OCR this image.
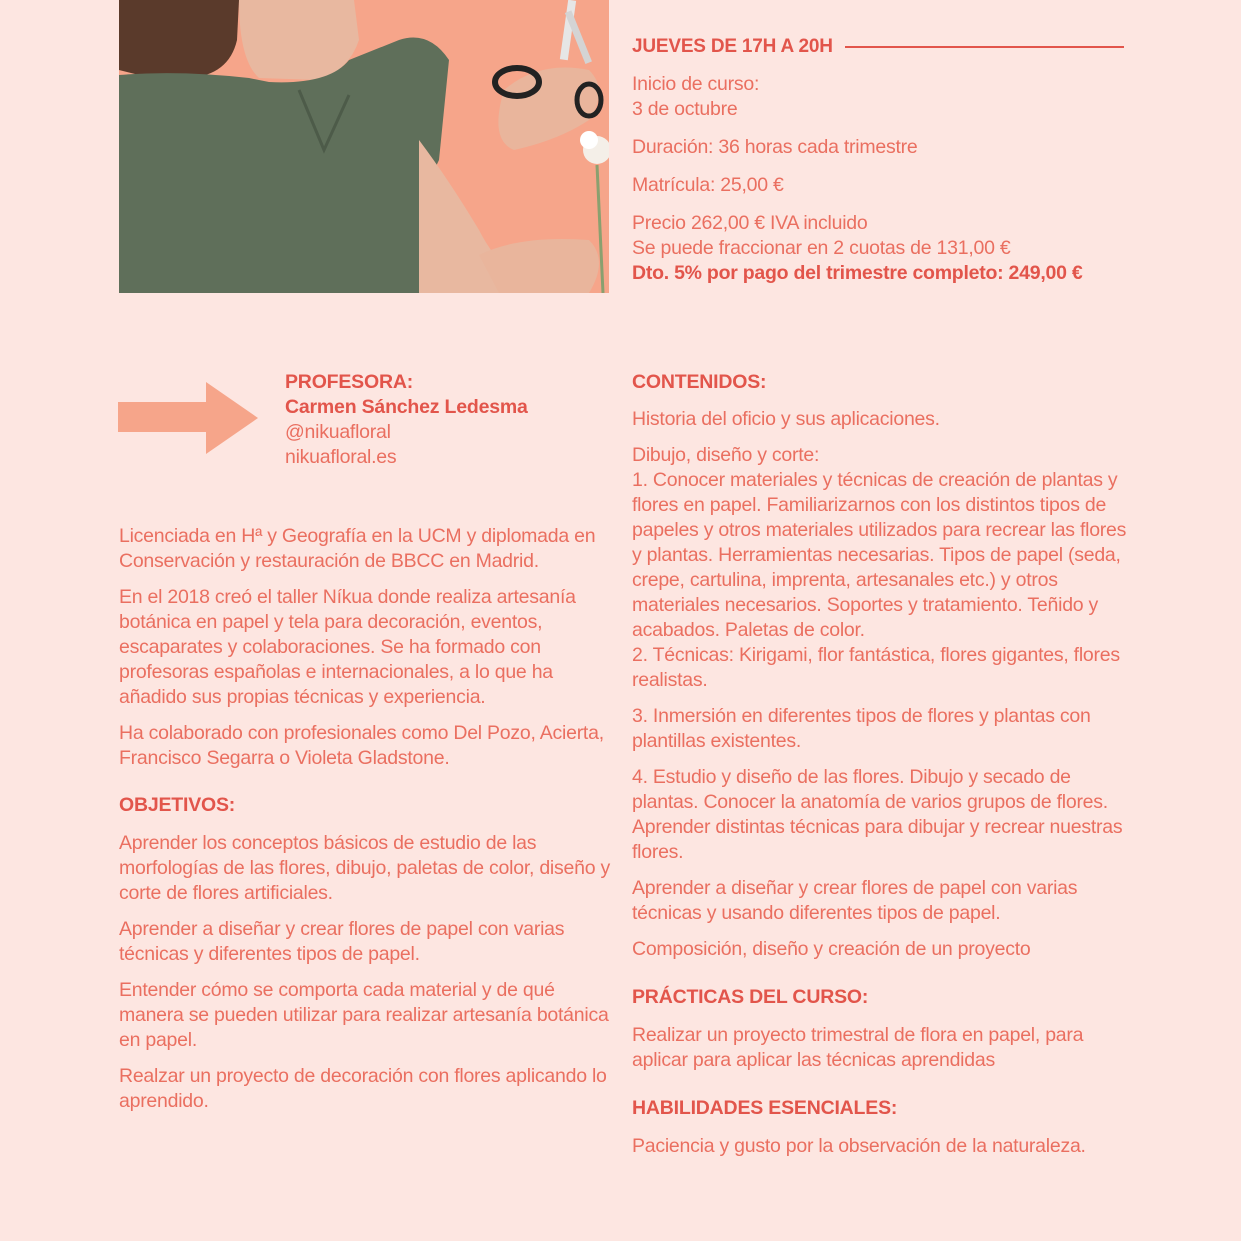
JUEVES DE 17H A 20H

Inicio de curso:

3 de octubre

Duración: 36 horas cada trimestre

Matrícula: 25,00 €

Precio 262,00 € IVA incluido

Se puede fraccionar en 2 cuotas de 131,00 €

Dto. 5% por pago del trimestre completo: 249,00 €

PROFESORA:

Carmen Sánchez Ledesma

@nikuafloral

nikuafloral.es

Licenciada en Hª y Geografía en la UCM y diplomada en Conservación y restauración de BBCC en Madrid.

En el 2018 creó el taller Níkua donde realiza artesanía botánica en papel y tela para decoración, eventos, escaparates y colaboraciones. Se ha formado con profesoras españolas e internacionales, a lo que ha añadido sus propias técnicas y experiencia.

Ha colaborado con profesionales como Del Pozo, Acierta, Francisco Segarra o Violeta Gladstone.

OBJETIVOS:

Aprender los conceptos básicos de estudio de las morfologías de las flores, dibujo, paletas de color, diseño y corte de flores artificiales.

Aprender a diseñar y crear flores de papel con varias técnicas y diferentes tipos de papel.

Entender cómo se comporta cada material y de qué manera se pueden utilizar para realizar artesanía botánica en papel.

Realzar un proyecto de decoración con flores aplicando lo aprendido.

CONTENIDOS:

Historia del oficio y sus aplicaciones.

Dibujo, diseño y corte:
1. Conocer materiales y técnicas de creación de plantas y flores en papel. Familiarizarnos con los distintos tipos de papeles y otros materiales utilizados para recrear las flores y plantas. Herramientas necesarias. Tipos de papel (seda, crepe, cartulina, imprenta, artesanales etc.) y otros materiales necesarios. Soportes y tratamiento. Teñido y acabados. Paletas de color.
2. Técnicas: Kirigami, flor fantástica, flores gigantes, flores realistas.

3. Inmersión en diferentes tipos de flores y plantas con plantillas existentes.

4. Estudio y diseño de las flores. Dibujo y secado de plantas. Conocer la anatomía de varios grupos de flores. Aprender distintas técnicas para dibujar y recrear nuestras flores.

Aprender a diseñar y crear flores de papel con varias técnicas y usando diferentes tipos de papel.

Composición, diseño y creación de un proyecto

PRÁCTICAS DEL CURSO:

Realizar un proyecto trimestral de flora en papel, para aplicar para aplicar las técnicas aprendidas

HABILIDADES ESENCIALES:

Paciencia y gusto por la observación de la naturaleza.
